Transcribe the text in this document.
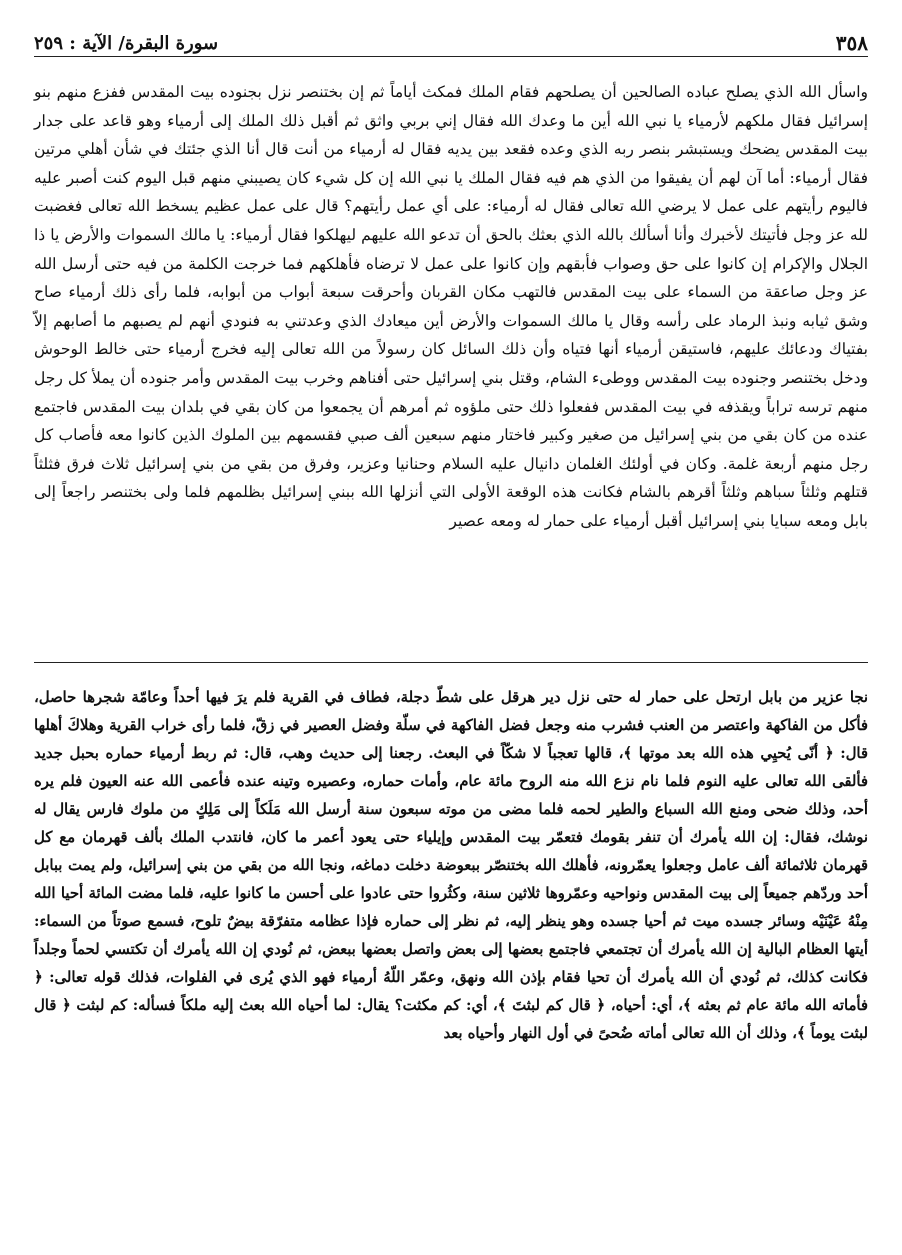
٣٥٨
سورة البقرة/ الآية : ٢٥٩

واسأل الله الذي يصلح عباده الصالحين أن يصلحهم فقام الملك فمكث أياماً ثم إن بختنصر نزل بجنوده بيت المقدس ففزع منهم بنو إسرائيل فقال ملكهم لأرمياء يا نبي الله أين ما وعدك الله فقال إني بربي واثق ثم أقبل ذلك الملك إلى أرمياء وهو قاعد على جدار بيت المقدس يضحك ويستبشر بنصر ربه الذي وعده فقعد بين يديه فقال له أرمياء من أنت قال أنا الذي جئتك في شأن أهلي مرتين فقال أرمياء: أما آن لهم أن يفيقوا من الذي هم فيه فقال الملك يا نبي الله إن كل شيء كان يصيبني منهم قبل اليوم كنت أصبر عليه فاليوم رأيتهم على عمل لا يرضي الله تعالى فقال له أرمياء: على أي عمل رأيتهم؟ قال على عمل عظيم يسخط الله تعالى فغضبت لله عز وجل فأتيتك لأخبرك وأنا أسألك بالله الذي بعثك بالحق أن تدعو الله عليهم ليهلكوا فقال أرمياء: يا مالك السموات والأرض يا ذا الجلال والإكرام إن كانوا على حق وصواب فأبقهم وإن كانوا على عمل لا ترضاه فأهلكهم فما خرجت الكلمة من فيه حتى أرسل الله عز وجل صاعقة من السماء على بيت المقدس فالتهب مكان القربان وأحرقت سبعة أبواب من أبوابه، فلما رأى ذلك أرمياء صاح وشق ثيابه ونبذ الرماد على رأسه وقال يا مالك السموات والأرض أين ميعادك الذي وعدتني به فنودي أنهم لم يصبهم ما أصابهم إلاّ بفتياك ودعائك عليهم، فاستيقن أرمياء أنها فتياه وأن ذلك السائل كان رسولاً من الله تعالى إليه فخرج أرمياء حتى خالط الوحوش ودخل بختنصر وجنوده بيت المقدس ووطىء الشام، وقتل بني إسرائيل حتى أفناهم وخرب بيت المقدس وأمر جنوده أن يملأ كل رجل منهم ترسه تراباً ويقذفه في بيت المقدس ففعلوا ذلك حتى ملؤوه ثم أمرهم أن يجمعوا من كان بقي في بلدان بيت المقدس فاجتمع عنده من كان بقي من بني إسرائيل من صغير وكبير فاختار منهم سبعين ألف صبي فقسمهم بين الملوك الذين كانوا معه فأصاب كل رجل منهم أربعة غلمة. وكان في أولئك الغلمان دانيال عليه السلام وحنانيا وعزير، وفرق من بقي من بني إسرائيل ثلاث فرق فثلثاً قتلهم وثلثاً سباهم وثلثاً أقرهم بالشام فكانت هذه الوقعة الأولى التي أنزلها الله ببني إسرائيل بظلمهم فلما ولى بختنصر راجعاً إلى بابل ومعه سبايا بني إسرائيل أقبل أرمياء على حمار له ومعه عصير

نجا عزير من بابل ارتحل على حمار له حتى نزل دير هرقل على شطّ دجلة، فطاف في القرية فلم يرَ فيها أحداً وعامّة شجرها حاصل، فأكل من الفاكهة واعتصر من العنب فشرب منه وجعل فضل الفاكهة في سلّة وفضل العصير في زقّ، فلما رأى خراب القرية وهلاكَ أهلها قال: ﴿ أنّى يُحيِي هذه الله بعد موتها ﴾، قالها تعجباً لا شكّاً في البعث. رجعنا إلى حديث وهب، قال: ثم ربط أرمياء حماره بحبل جديد فألقى الله تعالى عليه النوم فلما نام نزع الله منه الروح مائة عام، وأمات حماره، وعصيره وتينه عنده فأعمى الله عنه العيون فلم يره أحد، وذلك ضحى ومنع الله السباع والطير لحمه فلما مضى من موته سبعون سنة أرسل الله مَلَكاً إلى مَلِكٍ من ملوك فارس يقال له نوشك، فقال: إن الله يأمرك أن تنفر بقومك فتعمّر بيت المقدس وإيلياء حتى يعود أعمر ما كان، فانتدب الملك بألف قهرمان مع كل قهرمان ثلاثمائة ألف عامل وجعلوا يعمّرونه، فأهلك الله بختنصّر ببعوضة دخلت دماغه، ونجا الله من بقي من بني إسرائيل، ولم يمت ببابل أحد وردّهم جميعاً إلى بيت المقدس ونواحيه وعمّروها ثلاثين سنة، وكثُروا حتى عادوا على أحسن ما كانوا عليه، فلما مضت المائة أحيا الله مِنْهُ عَيْنَيْه وسائر جسده ميت ثم أحيا جسده وهو ينظر إليه، ثم نظر إلى حماره فإذا عظامه متفرّقة بيضٌ تلوح، فسمع صوتاً من السماء: أيتها العظام البالية إن الله يأمرك أن تجتمعي فاجتمع بعضها إلى بعض واتصل بعضها ببعض، ثم نُودي إن الله يأمرك أن تكتسي لحماً وجلداً فكانت كذلك، ثم نُودي أن الله يأمرك أن تحيا فقام بإذن الله ونهق، وعمّر اللّهُ أرمياء فهو الذي يُرى في الفلوات، فذلك قوله تعالى: ﴿ فأماته الله مائة عام ثم بعثه ﴾، أي: أحياه، ﴿ قال كم لبثتَ ﴾، أي: كم مكثت؟ يقال: لما أحياه الله بعث إليه ملكاً فسأله: كم لبثت ﴿ قال لبثت يوماً ﴾، وذلك أن الله تعالى أماته ضُحىً في أول النهار وأحياه بعد
